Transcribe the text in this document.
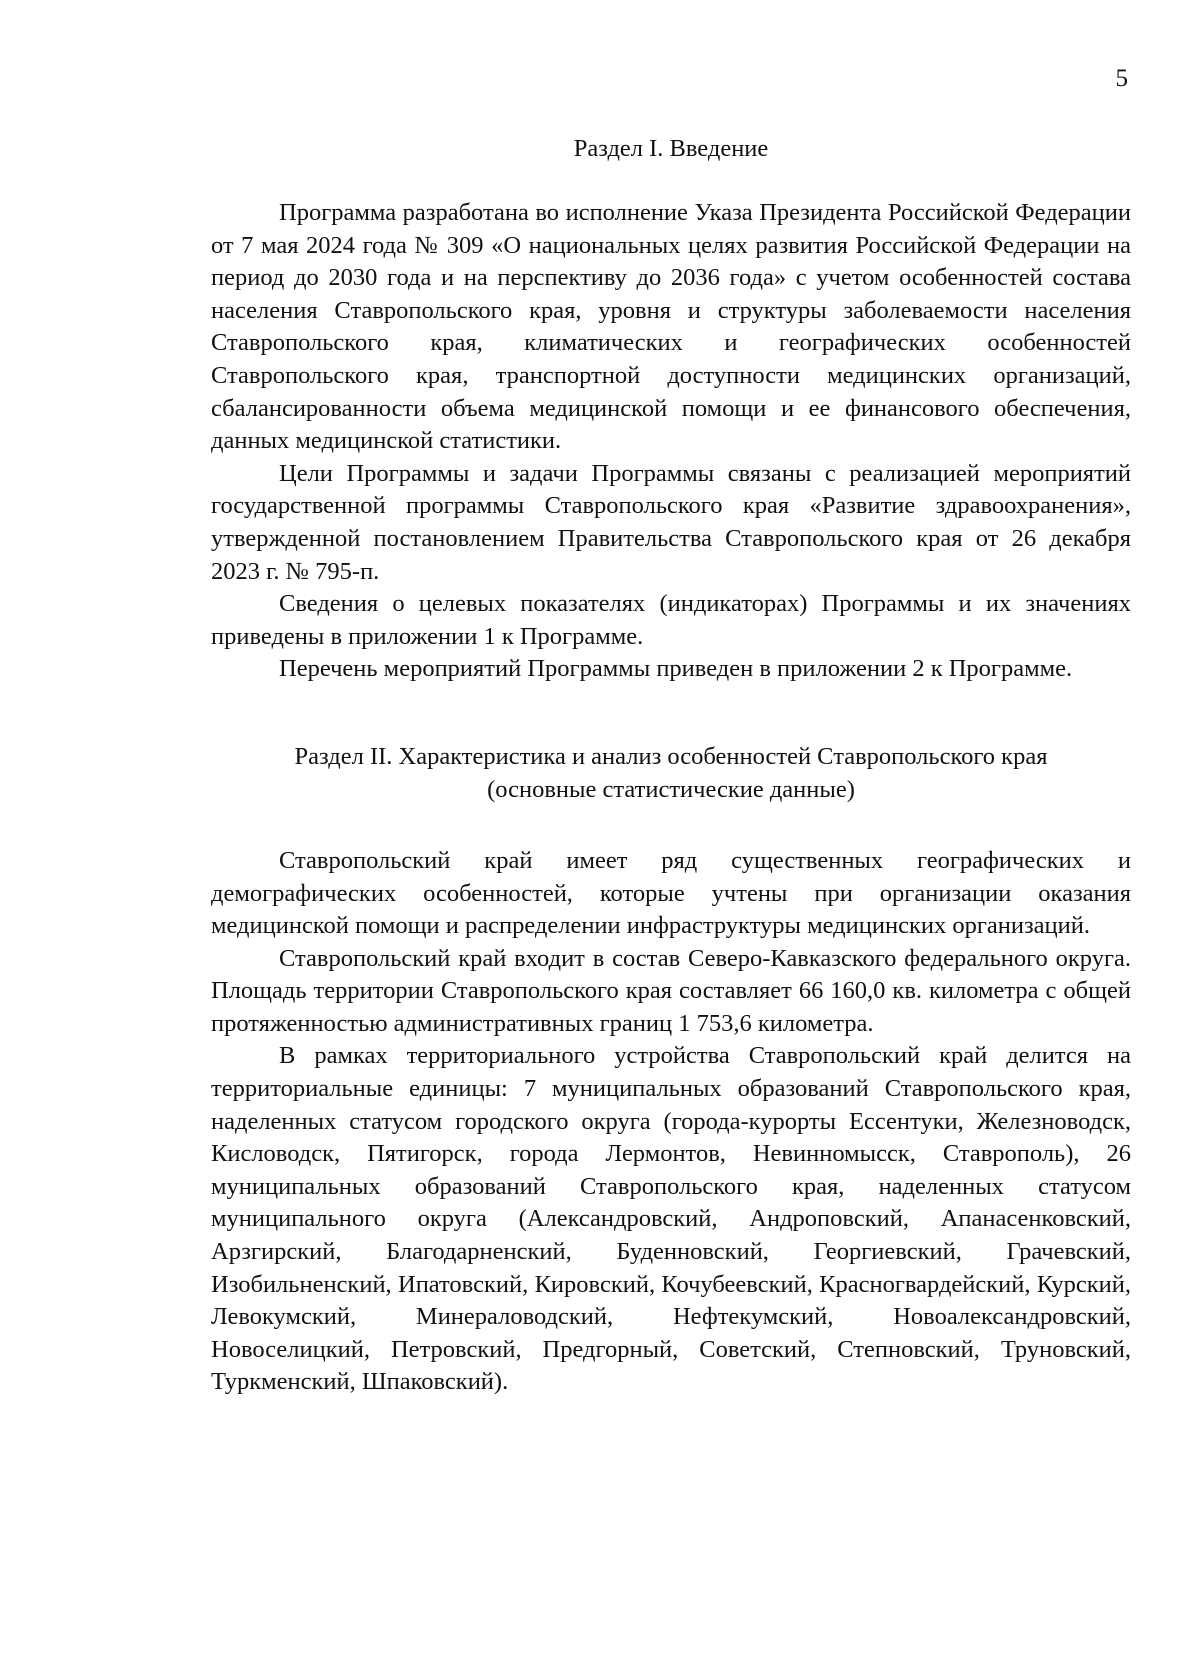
5
Раздел I. Введение

Программа разработана во исполнение Указа Президента Российской Федерации от 7 мая 2024 года № 309 «О национальных целях развития Российской Федерации на период до 2030 года и на перспективу до 2036 года» с учетом особенностей состава населения Ставропольского края, уровня и структуры заболеваемости населения Ставропольского края, климатических и географических особенностей Ставропольского края, транспортной доступности медицинских организаций, сбалансированности объема медицинской помощи и ее финансового обеспечения, данных медицинской статистики.

Цели Программы и задачи Программы связаны с реализацией мероприятий государственной программы Ставропольского края «Развитие здравоохранения», утвержденной постановлением Правительства Ставропольского края от 26 декабря 2023 г. № 795-п.

Сведения о целевых показателях (индикаторах) Программы и их значениях приведены в приложении 1 к Программе.

Перечень мероприятий Программы приведен в приложении 2 к Программе.

Раздел II. Характеристика и анализ особенностей Ставропольского края
(основные статистические данные)

Ставропольский край имеет ряд существенных географических и демографических особенностей, которые учтены при организации оказания медицинской помощи и распределении инфраструктуры медицинских организаций.

Ставропольский край входит в состав Северо-Кавказского федерального округа. Площадь территории Ставропольского края составляет 66 160,0 кв. километра с общей протяженностью административных границ 1 753,6 километра.

В рамках территориального устройства Ставропольский край делится на территориальные единицы: 7 муниципальных образований Ставропольского края, наделенных статусом городского округа (города-курорты Ессентуки, Железноводск, Кисловодск, Пятигорск, города Лермонтов, Невинномысск, Ставрополь), 26 муниципальных образований Ставропольского края, наделенных статусом муниципального округа (Александровский, Андроповский, Апанасенковский, Арзгирский, Благодарненский, Буденновский, Георгиевский, Грачевский, Изобильненский, Ипатовский, Кировский, Кочубеевский, Красногвардейский, Курский, Левокумский, Минераловодский, Нефтекумский, Новоалександровский, Новоселицкий, Петровский, Предгорный, Советский, Степновский, Труновский, Туркменский, Шпаковский).
